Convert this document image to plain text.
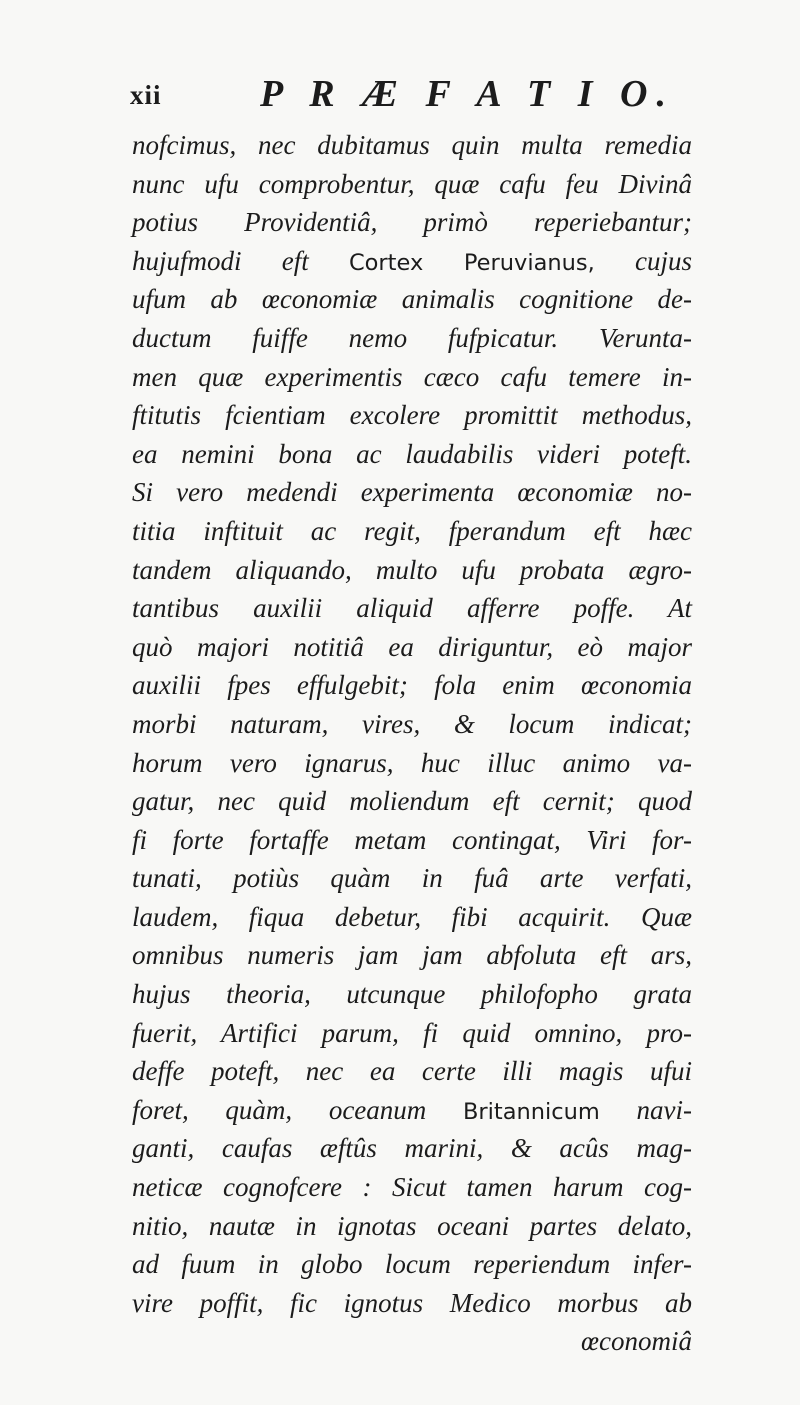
xii	P R Æ F A T I O.
nofcimus, nec dubitamus quin multa remedia
nunc ufu comprobentur, quæ cafu feu Divinâ
potius Providentiâ, primò reperiebantur;
hujufmodi eft Cortex Peruvianus, cujus
ufum ab œconomiæ animalis cognitione de-
ductum fuiffe nemo fufpicatur. Verunta-
men quæ experimentis cæco cafu temere in-
ftitutis fcientiam excolere promittit methodus,
ea nemini bona ac laudabilis videri poteft.
Si vero medendi experimenta œconomiæ no-
titia inftituit ac regit, fperandum eft hæc
tandem aliquando, multo ufu probata ægro-
tantibus auxilii aliquid afferre poffe. At
quò majori notitiâ ea diriguntur, eò major
auxilii fpes effulgebit; fola enim œconomia
morbi naturam, vires, & locum indicat;
horum vero ignarus, huc illuc animo va-
gatur, nec quid moliendum eft cernit; quod
fi forte fortaffe metam contingat, Viri for-
tunati, potiùs quàm in fuâ arte verfati,
laudem, fiqua debetur, fibi acquirit. Quæ
omnibus numeris jam jam abfoluta eft ars,
hujus theoria, utcunque philofopho grata
fuerit, Artifici parum, fi quid omnino, pro-
deffe poteft, nec ea certe illi magis ufui
foret, quàm, oceanum Britannicum navi-
ganti, caufas æftûs marini, & acûs mag-
neticæ cognofcere : Sicut tamen harum cog-
nitio, nautæ in ignotas oceani partes delato,
ad fuum in globo locum reperiendum infer-
vire poffit, fic ignotus Medico morbus ab
œconomiâ
